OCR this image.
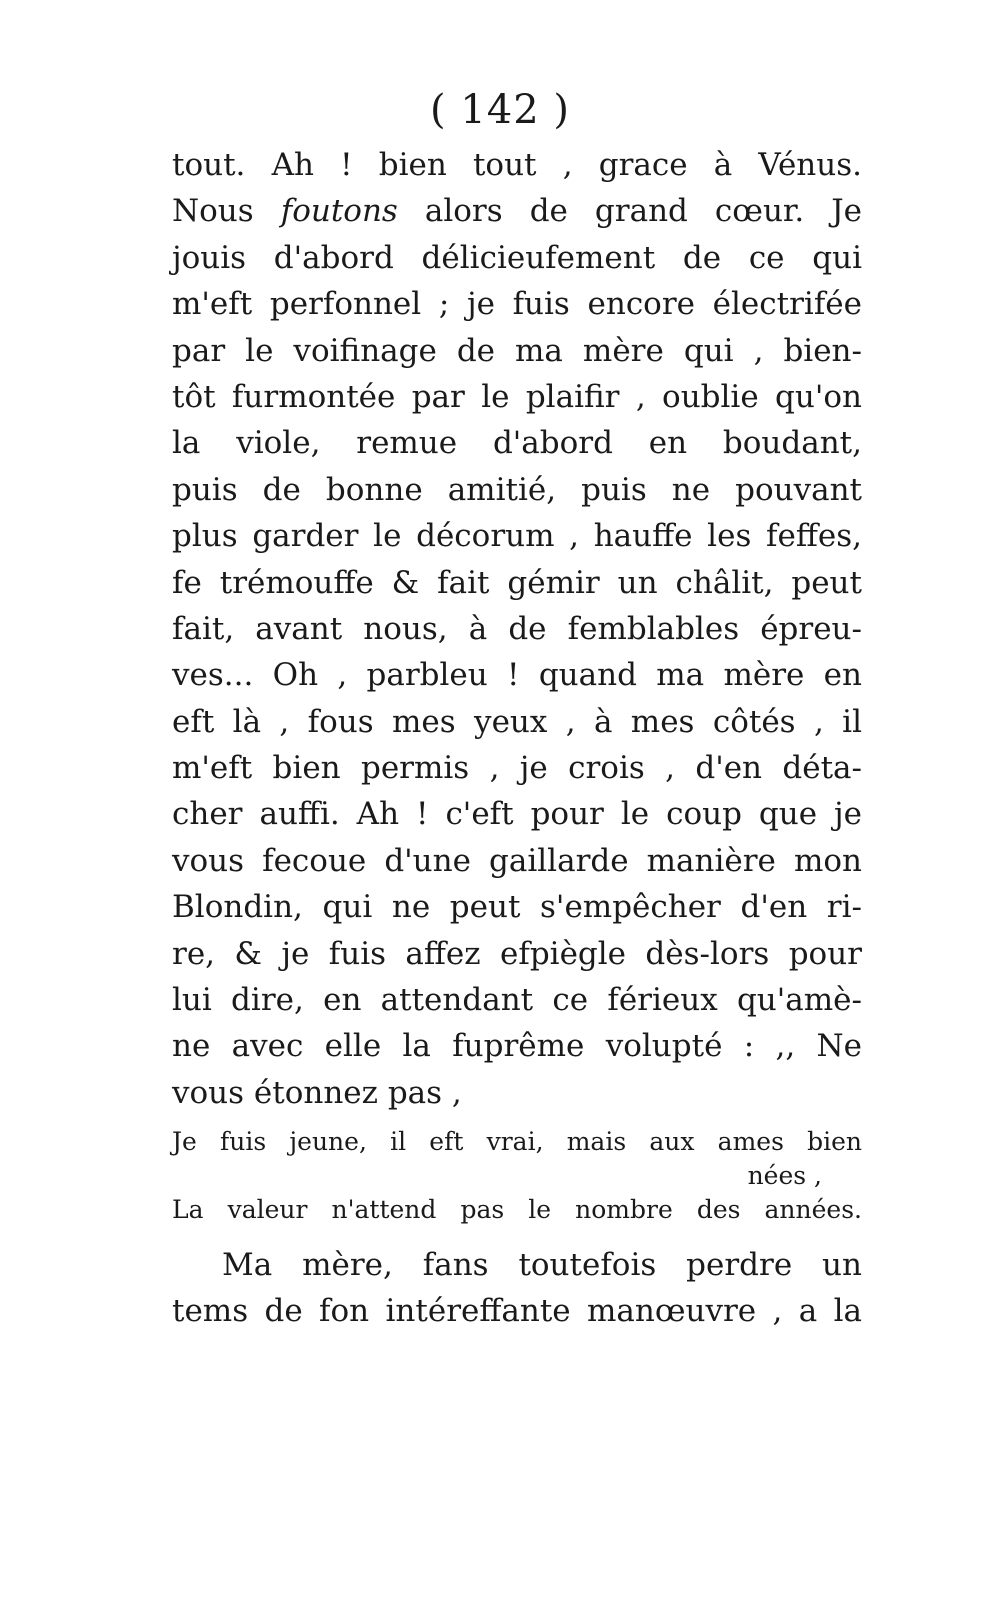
( 142 )
tout. Ah ! bien tout , grace à Vénus.
Nous foutons alors de grand cœur. Je
jouis d'abord délicieufement de ce qui
m'eft perfonnel ; je fuis encore électrifée
par le voifinage de ma mère qui , bien-
tôt furmontée par le plaifir , oublie qu'on
la viole, remue d'abord en boudant,
puis de bonne amitié, puis ne pouvant
plus garder le décorum , hauffe les feffes,
fe trémouffe & fait gémir un châlit, peut
fait, avant nous, à de femblables épreu-
ves... Oh , parbleu ! quand ma mère en
eft là , fous mes yeux , à mes côtés , il
m'eft bien permis , je crois , d'en déta-
cher auffi. Ah ! c'eft pour le coup que je
vous fecoue d'une gaillarde manière mon
Blondin, qui ne peut s'empêcher d'en ri-
re, & je fuis affez efpiègle dès-lors pour
lui dire, en attendant ce férieux qu'amè-
ne avec elle la fuprême volupté : ,, Ne
vous étonnez pas ,
Je fuis jeune, il eft vrai, mais aux ames bien
nées ,
La valeur n'attend pas le nombre des années.
Ma mère, fans toutefois perdre un
tems de fon intéreffante manœuvre , a la
